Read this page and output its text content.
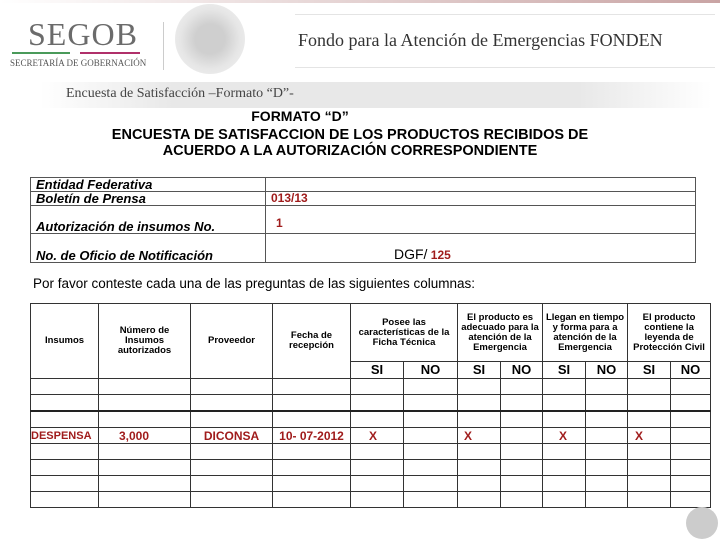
SEGOB
SECRETARÍA DE GOBERNACIÓN
Fondo para la Atención de Emergencias FONDEN
Encuesta de Satisfacción –Formato “D”-
FORMATO “D”
ENCUESTA DE SATISFACCION DE LOS PRODUCTOS RECIBIDOS DE
ACUERDO A LA AUTORIZACIÓN CORRESPONDIENTE
Entidad Federativa	
Boletín de Prensa	013/13
Autorización de insumos No.	1
No. de Oficio de Notificación	DGF/ 125
Por favor conteste cada una de las preguntas de las siguientes columnas:
Insumos	Número de Insumos autorizados	Proveedor	Fecha de recepción	Posee las características de la Ficha Técnica		El producto es adecuado para la atención de la Emergencia		Llegan en tiempo y forma para a atención de la Emergencia		El producto contiene la leyenda de Protección Civil	
				SI	NO	SI	NO	SI	NO	SI	NO

DESPENSA	3,000	DICONSA	10- 07-2012	X		X		X		X	
